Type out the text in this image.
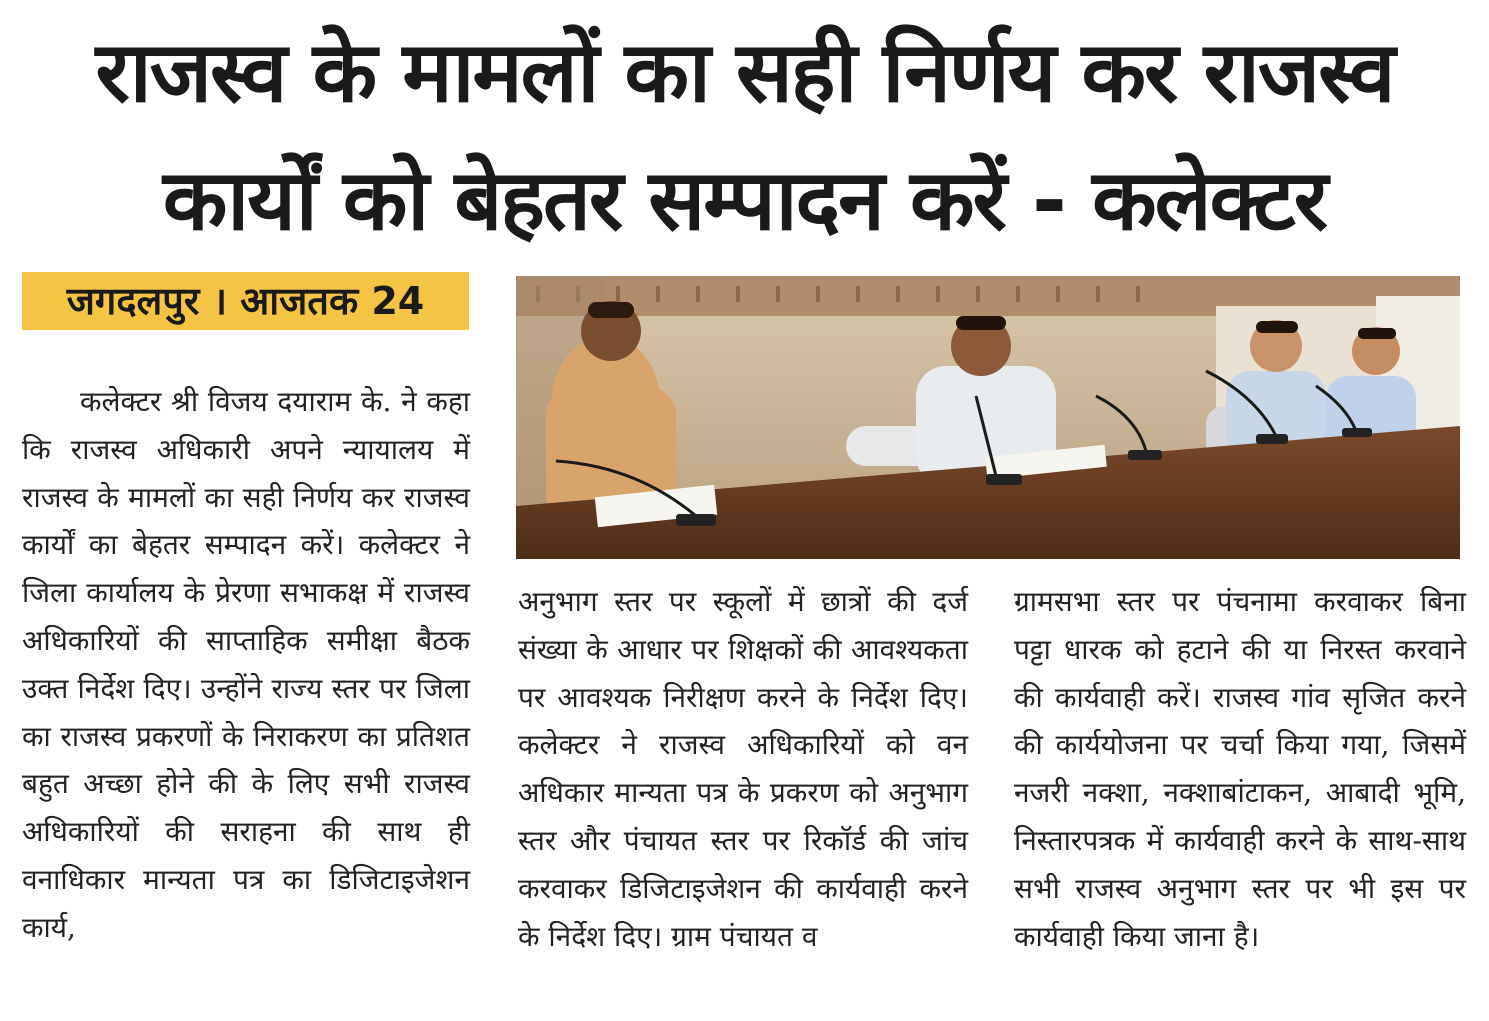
राजस्व के मामलों का सही निर्णय कर राजस्व
कार्यों को बेहतर सम्पादन करें - कलेक्टर
जगदलपुर । आजतक 24
कलेक्टर श्री विजय दयाराम के. ने कहा कि राजस्व अधिकारी अपने न्यायालय में राजस्व के मामलों का सही निर्णय कर राजस्व कार्यों का बेहतर सम्पादन करें। कलेक्टर ने जिला कार्यालय के प्रेरणा सभाकक्ष में राजस्व अधिकारियों की साप्ताहिक समीक्षा बैठक उक्त निर्देश दिए। उन्होंने राज्य स्तर पर जिला का राजस्व प्रकरणों के निराकरण का प्रतिशत बहुत अच्छा होने की के लिए सभी राजस्व अधिकारियों की सराहना की साथ ही वनाधिकार मान्यता पत्र का डिजिटाइजेशन कार्य,
अनुभाग स्तर पर स्कूलों में छात्रों की दर्ज संख्या के आधार पर शिक्षकों की आवश्यकता पर आवश्यक निरीक्षण करने के निर्देश दिए। कलेक्टर ने राजस्व अधिकारियों को वन अधिकार मान्यता पत्र के प्रकरण को अनुभाग स्तर और पंचायत स्तर पर रिकॉर्ड की जांच करवाकर डिजिटाइजेशन की कार्यवाही करने के निर्देश दिए। ग्राम पंचायत व
ग्रामसभा स्तर पर पंचनामा करवाकर बिना पट्टा धारक को हटाने की या निरस्त करवाने की कार्यवाही करें। राजस्व गांव सृजित करने की कार्ययोजना पर चर्चा किया गया, जिसमें नजरी नक्शा, नक्शाबांटाकन, आबादी भूमि, निस्तारपत्रक में कार्यवाही करने के साथ-साथ सभी राजस्व अनुभाग स्तर पर भी इस पर कार्यवाही किया जाना है।
